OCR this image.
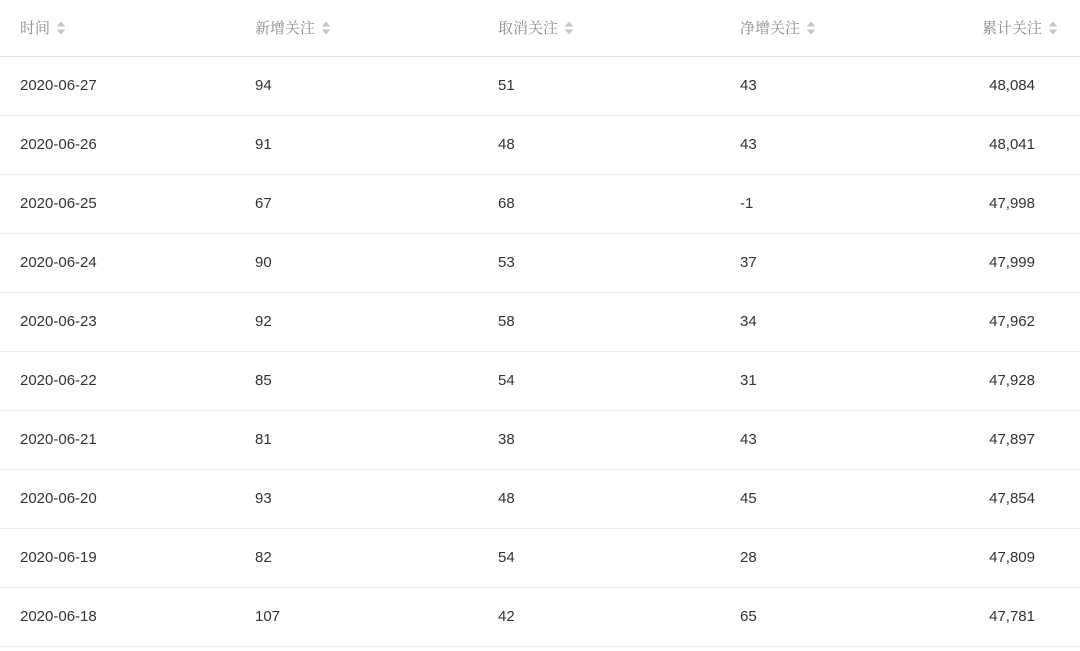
时间	新增关注	取消关注	净增关注	累计关注
2020-06-27	94	51	43	48,084
2020-06-26	91	48	43	48,041
2020-06-25	67	68	-1	47,998
2020-06-24	90	53	37	47,999
2020-06-23	92	58	34	47,962
2020-06-22	85	54	31	47,928
2020-06-21	81	38	43	47,897
2020-06-20	93	48	45	47,854
2020-06-19	82	54	28	47,809
2020-06-18	107	42	65	47,781
